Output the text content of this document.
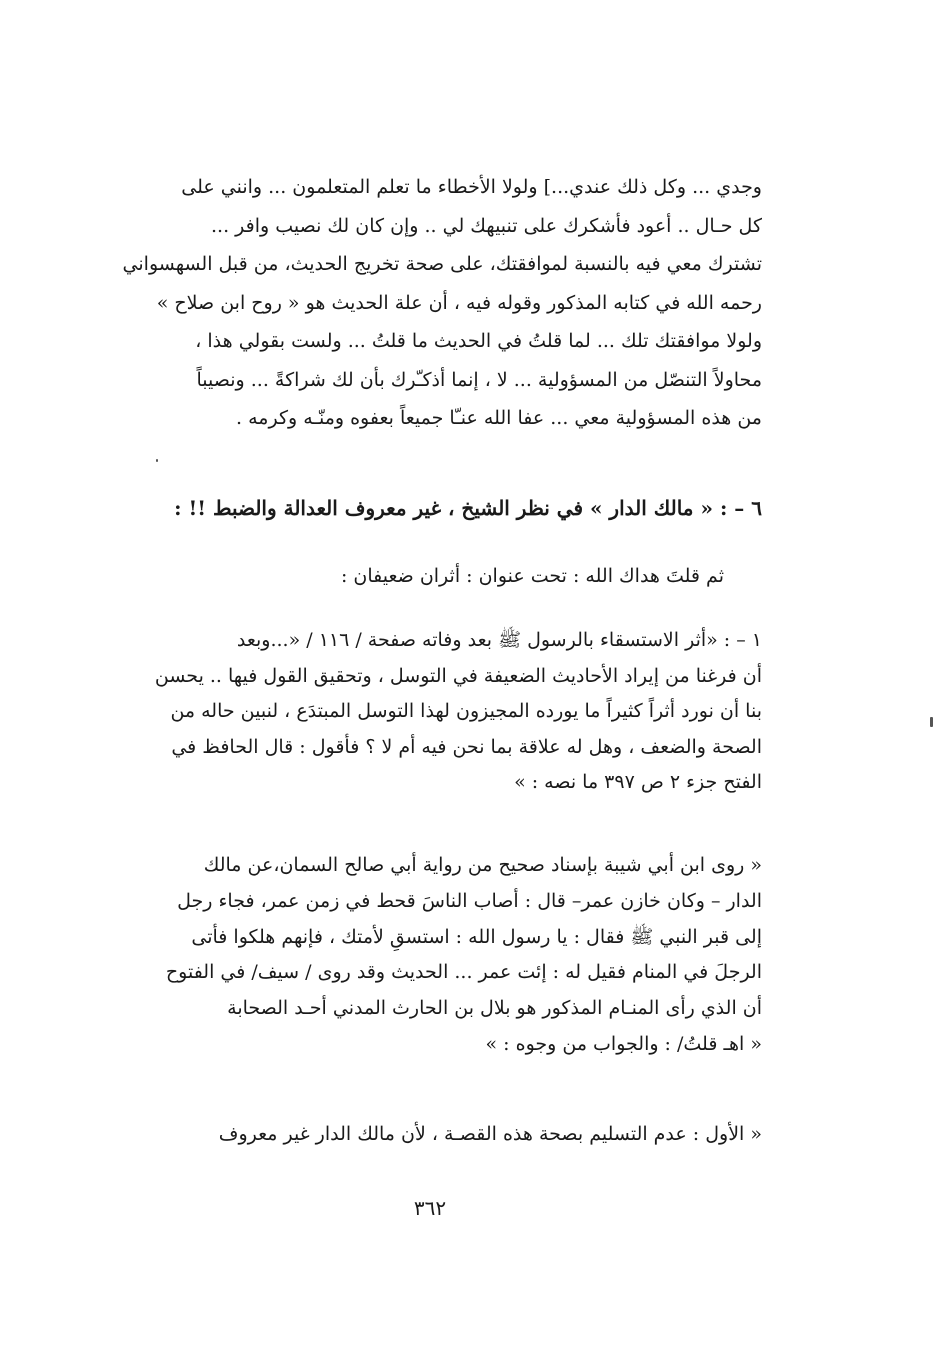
وجدي ... وكل ذلك عندي...] ولولا الأخطاء ما تعلم المتعلمون ... وانني على
كل حـال .. أعود فأشكرك على تنبيهك لي .. وإن كان لك نصيب وافر ...
تشترك معي فيه بالنسبة لموافقتك، على صحة تخريج الحديث، من قبل السهسواني
رحمه الله في كتابه المذكور وقوله فيه ، أن علة الحديث هو « روح ابن صلاح »
ولولا موافقتك تلك ... لما قلتُ في الحديث ما قلتُ ... ولست بقولي هذا ،
محاولاً التنصّل من المسؤولية ... لا ، إنما أذكـّرك بأن لك شراكةً ... ونصيباً
من هذه المسؤولية معي ... عفا الله عنـّا جميعاً بعفوه ومنّـه وكرمه .
٦ً – : « مالك الدار » في نظر الشيخ ، غير معروف العدالة والضبط !! :
ثم قلتَ هداك الله : تحت عنوان : أثران ضعيفان :
١ً – : «أثر الاستسقاء بالرسول ﷺ بعد وفاته صفحة / ١١٦ / «...وبعد
أن فرغنا من إيراد الأحاديث الضعيفة في التوسل ، وتحقيق القول فيها .. يحسن
بنا أن نورد أثراً كثيراً ما يورده المجيزون لهذا التوسل المبتدَع ، لنبين حاله من
الصحة والضعف ، وهل له علاقة بما نحن فيه أم لا ؟ فأقول : قال الحافظ في
الفتح جزء ٢ ص ٣٩٧ ما نصه : »
« روى ابن أبي شيبة بإسناد صحيح من رواية أبي صالح السمان،عن مالك
الدار – وكان خازن عمر– قال : أصاب الناسَ قحط في زمن عمر، فجاء رجل
إلى قبر النبي ﷺ فقال : يا رسول الله : استسقِ لأمتك ، فإنهم هلكوا فأتى
الرجلَ في المنام فقيل له : إئت عمر ... الحديث وقد روى / سيف/ في الفتوح
أن الذي رأى المنـام المذكور هو بلال بن الحارث المدني أحـد الصحابة
« اهـ قلتُ/ : والجواب من وجوه : »
« الأول : عدم التسليم بصحة هذه القصـة ، لأن مالك الدار غير معروف
٣٦٢
